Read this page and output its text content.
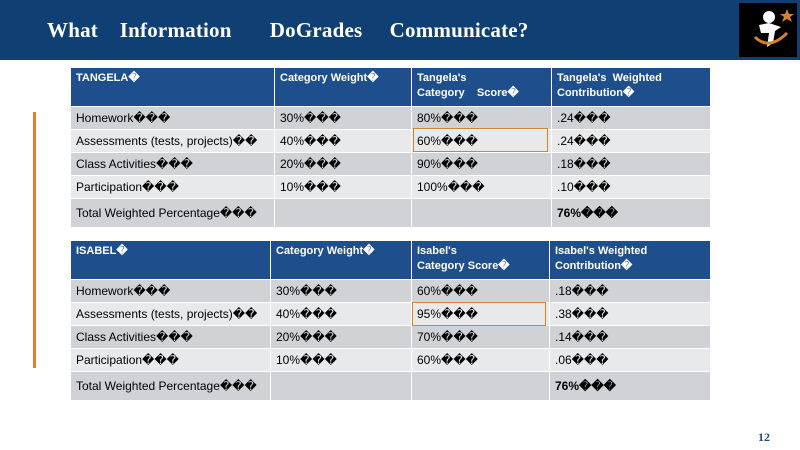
What    Information       DoGrades     Communicate?
TANGELA�	Category Weight�	Tangela's
Category    Score�	Tangela's  Weighted
Contribution�
Homework���	30%���	80%���	.24���
Assessments (tests, projects)��	40%���	60%���	.24���
Class Activities���	20%���	90%���	.18���
Participation���	10%���	100%���	.10���
Total Weighted Percentage���			76%���
ISABEL�	Category Weight�	Isabel's
Category Score�	Isabel's Weighted
Contribution�
Homework���	30%���	60%���	.18���
Assessments (tests, projects)��	40%���	95%���	.38���
Class Activities���	20%���	70%���	.14���
Participation���	10%���	60%���	.06���
Total Weighted Percentage���			76%���
12
